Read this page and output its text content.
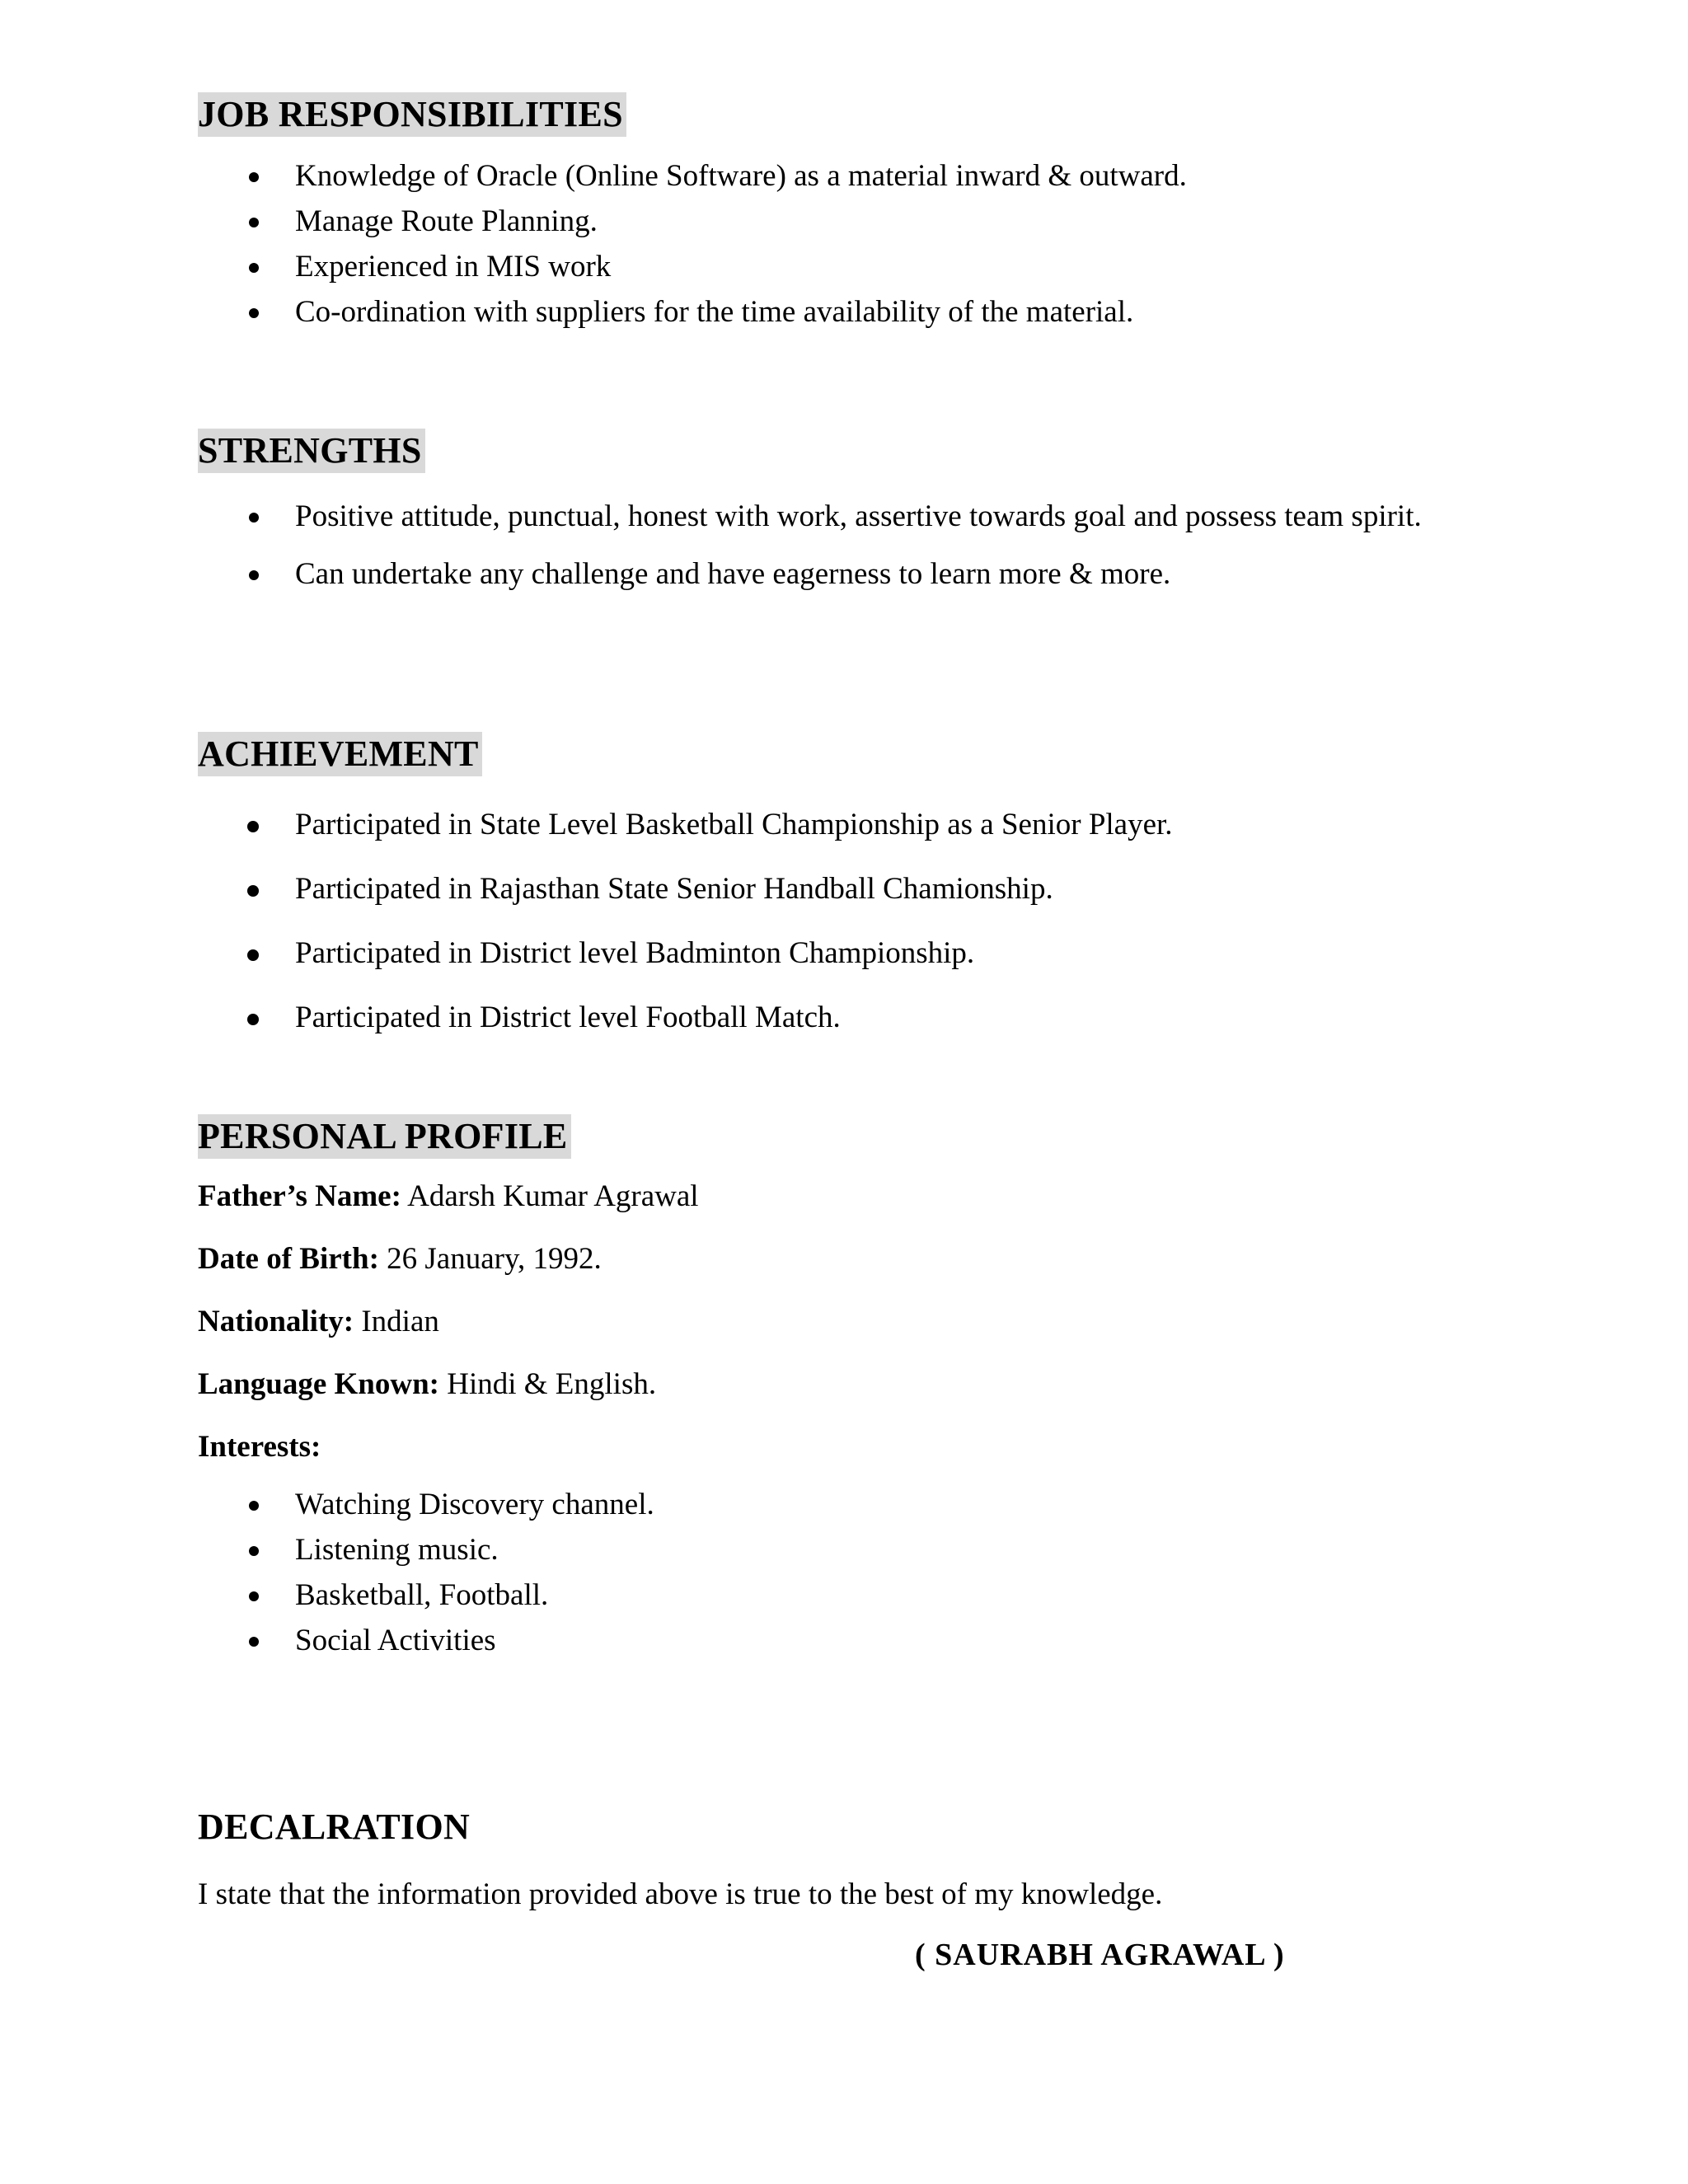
JOB RESPONSIBILITIES
Knowledge of Oracle (Online Software) as a material inward & outward.
Manage Route Planning.
Experienced in MIS work
Co-ordination with suppliers for the time availability of the material.
STRENGTHS
Positive attitude, punctual, honest with work, assertive towards goal and possess team spirit.
Can undertake any challenge and have eagerness to learn more & more.
ACHIEVEMENT
Participated in State Level Basketball Championship as a Senior Player.
Participated in Rajasthan State Senior Handball Chamionship.
Participated in District level Badminton Championship.
Participated in District level Football Match.
PERSONAL PROFILE
Father’s Name: Adarsh Kumar Agrawal
Date of Birth: 26 January, 1992.
Nationality: Indian
Language Known: Hindi & English.
Interests:
Watching Discovery channel.
Listening music.
Basketball, Football.
Social Activities
DECALRATION
I state that the information provided above is true to the best of my knowledge.
( SAURABH AGRAWAL )
